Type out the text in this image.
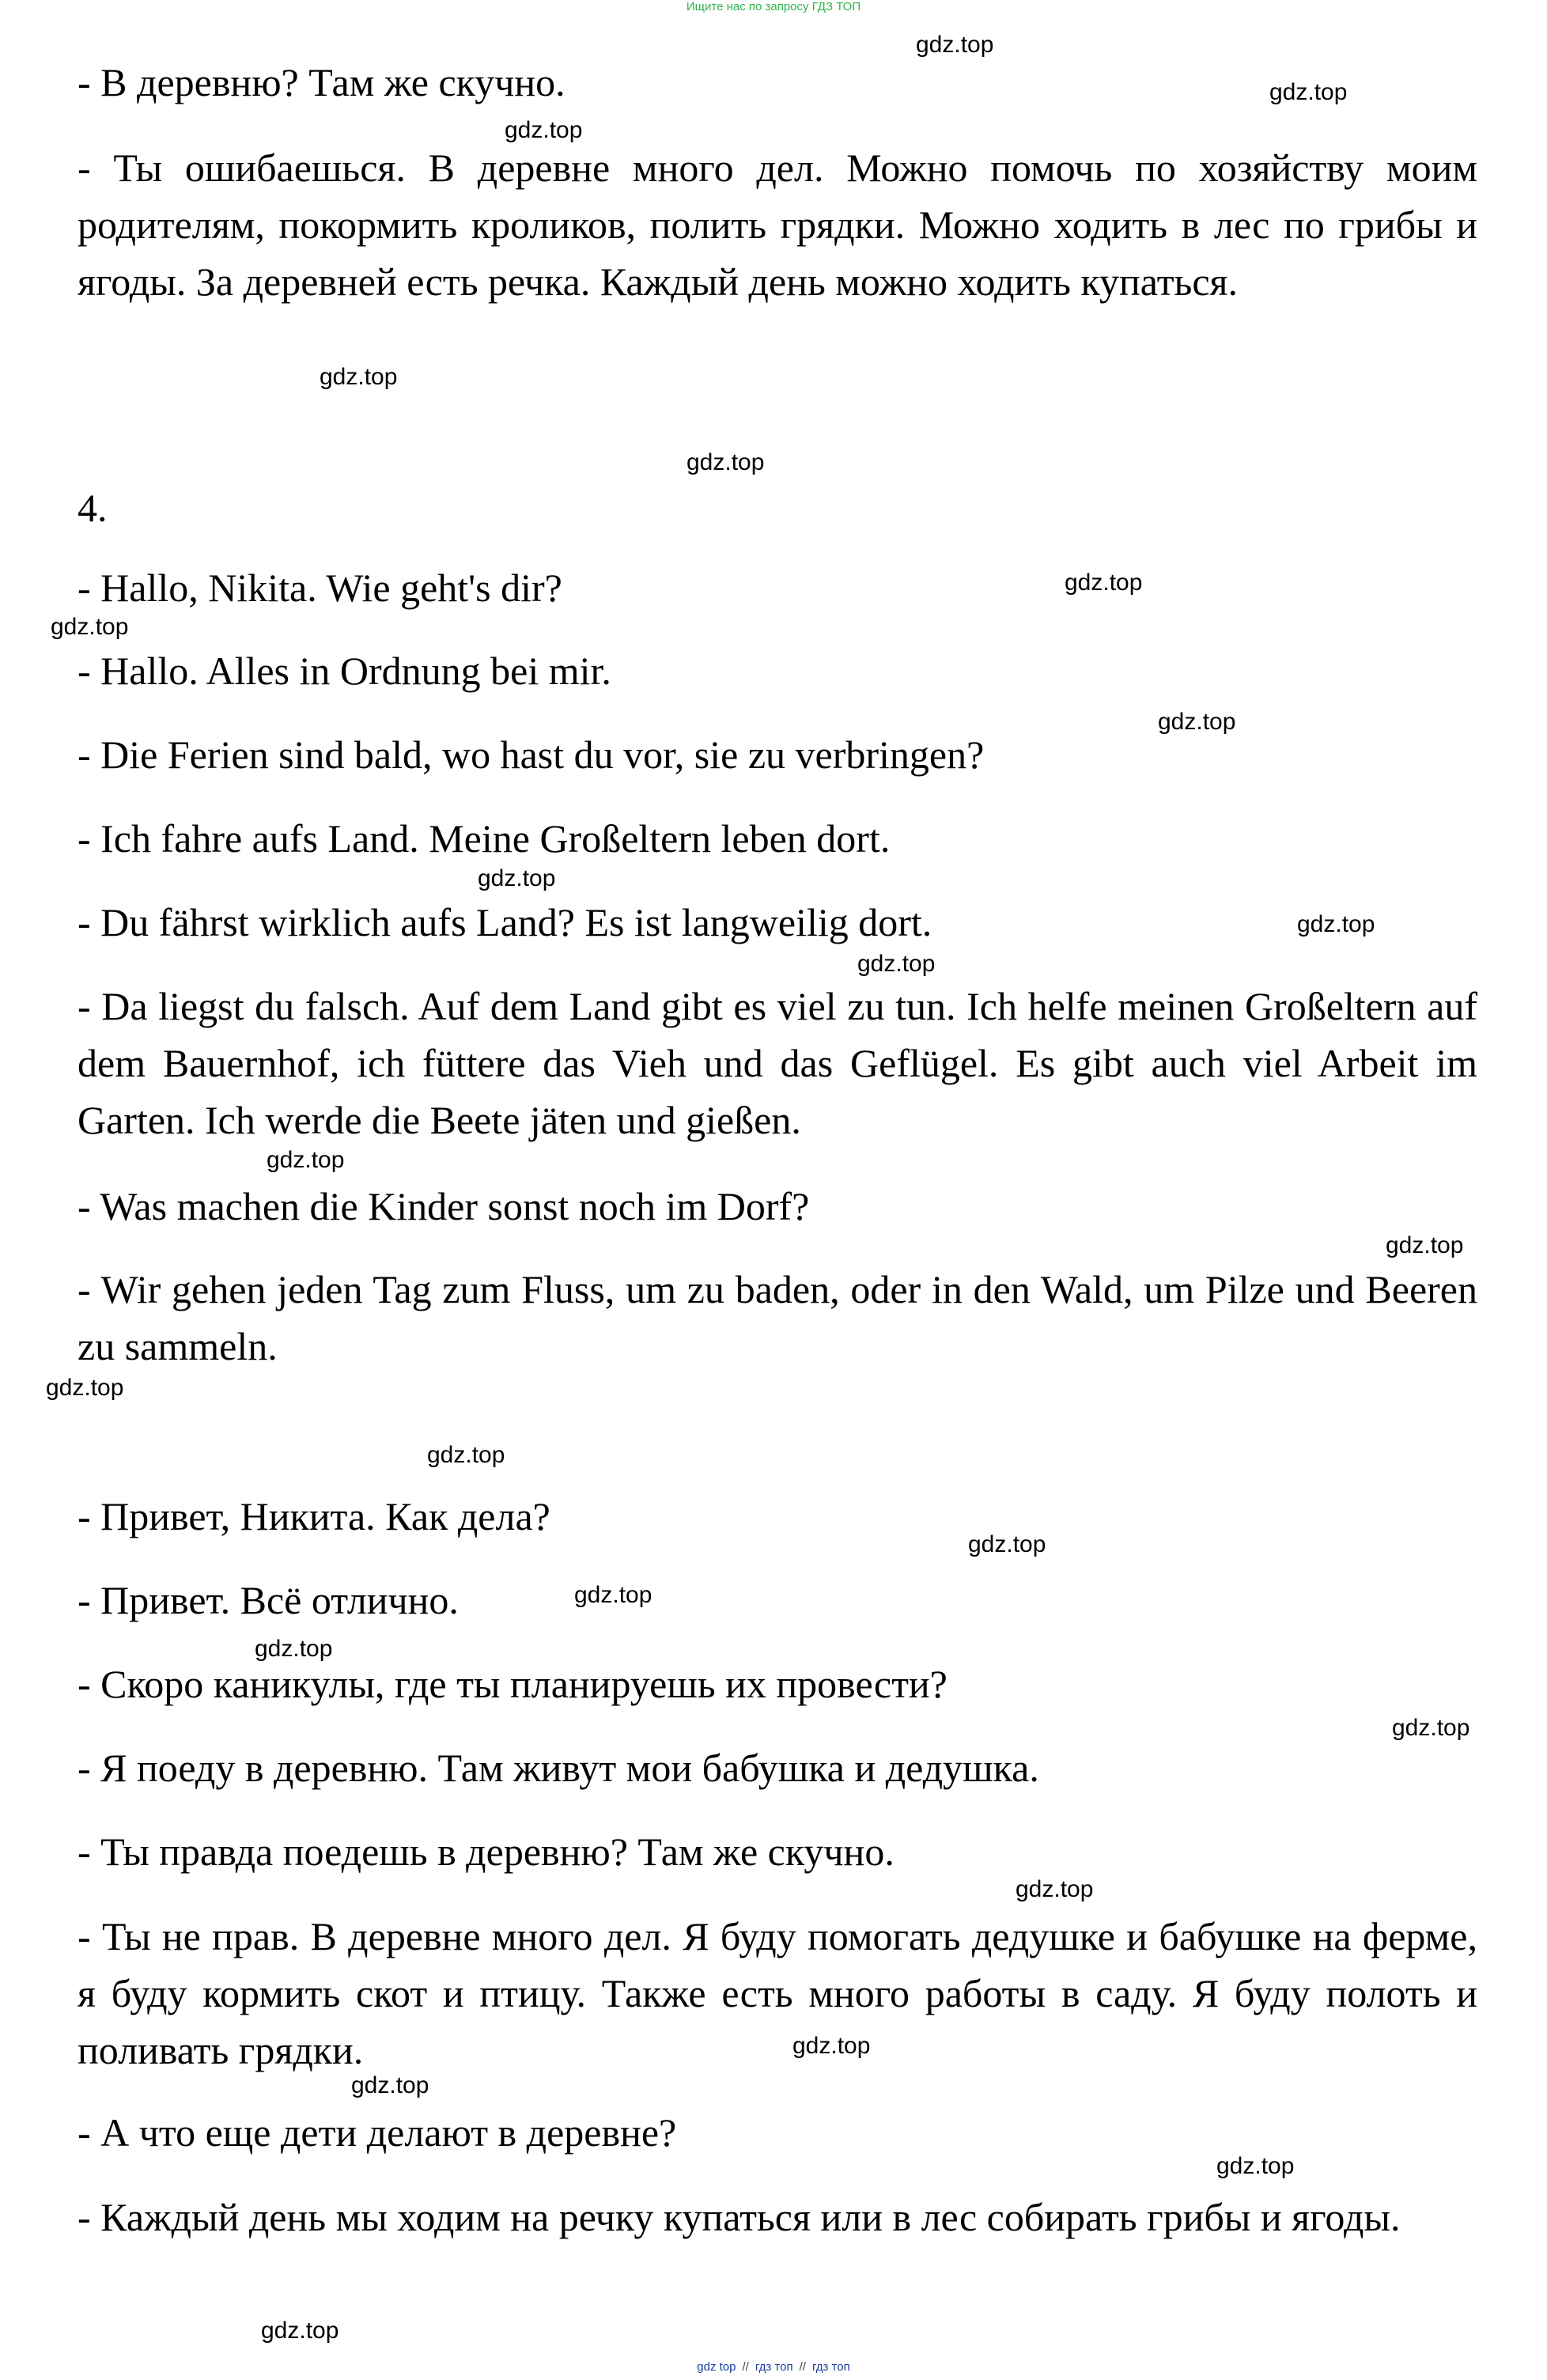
Ищите нас по запросу ГДЗ ТОП

- В деревню? Там же скучно.

- Ты ошибаешься. В деревне много дел. Можно помочь по хозяйству моим родителям, покормить кроликов, полить грядки. Можно ходить в лес по грибы и ягоды. За деревней есть речка. Каждый день можно ходить купаться.

4.

- Hallo, Nikita. Wie geht's dir?

- Hallo. Alles in Ordnung bei mir.

- Die Ferien sind bald, wo hast du vor, sie zu verbringen?

- Ich fahre aufs Land. Meine Großeltern leben dort.

- Du fährst wirklich aufs Land? Es ist langweilig dort.

- Da liegst du falsch. Auf dem Land gibt es viel zu tun. Ich helfe meinen Großeltern auf dem Bauernhof, ich füttere das Vieh und das Geflügel. Es gibt auch viel Arbeit im Garten. Ich werde die Beete jäten und gießen.

- Was machen die Kinder sonst noch im Dorf?

- Wir gehen jeden Tag zum Fluss, um zu baden, oder in den Wald, um Pilze und Beeren zu sammeln.

- Привет, Никита. Как дела?

- Привет. Всё отлично.

- Скоро каникулы, где ты планируешь их провести?

- Я поеду в деревню. Там живут мои бабушка и дедушка.

- Ты правда поедешь в деревню? Там же скучно.

- Ты не прав. В деревне много дел. Я буду помогать дедушке и бабушке на ферме, я буду кормить скот и птицу. Также есть много работы в саду. Я буду полоть и поливать грядки.

- А что еще дети делают в деревне?

- Каждый день мы ходим на речку купаться или в лес собирать грибы и ягоды.

gdz.top
gdz.top
gdz.top
gdz.top
gdz.top
gdz.top
gdz.top
gdz.top
gdz.top
gdz.top
gdz.top
gdz.top
gdz.top
gdz.top
gdz.top
gdz.top
gdz.top
gdz.top
gdz.top
gdz.top
gdz.top
gdz.top
gdz.top
gdz.top
gdz top // гдз топ // гдз топ
